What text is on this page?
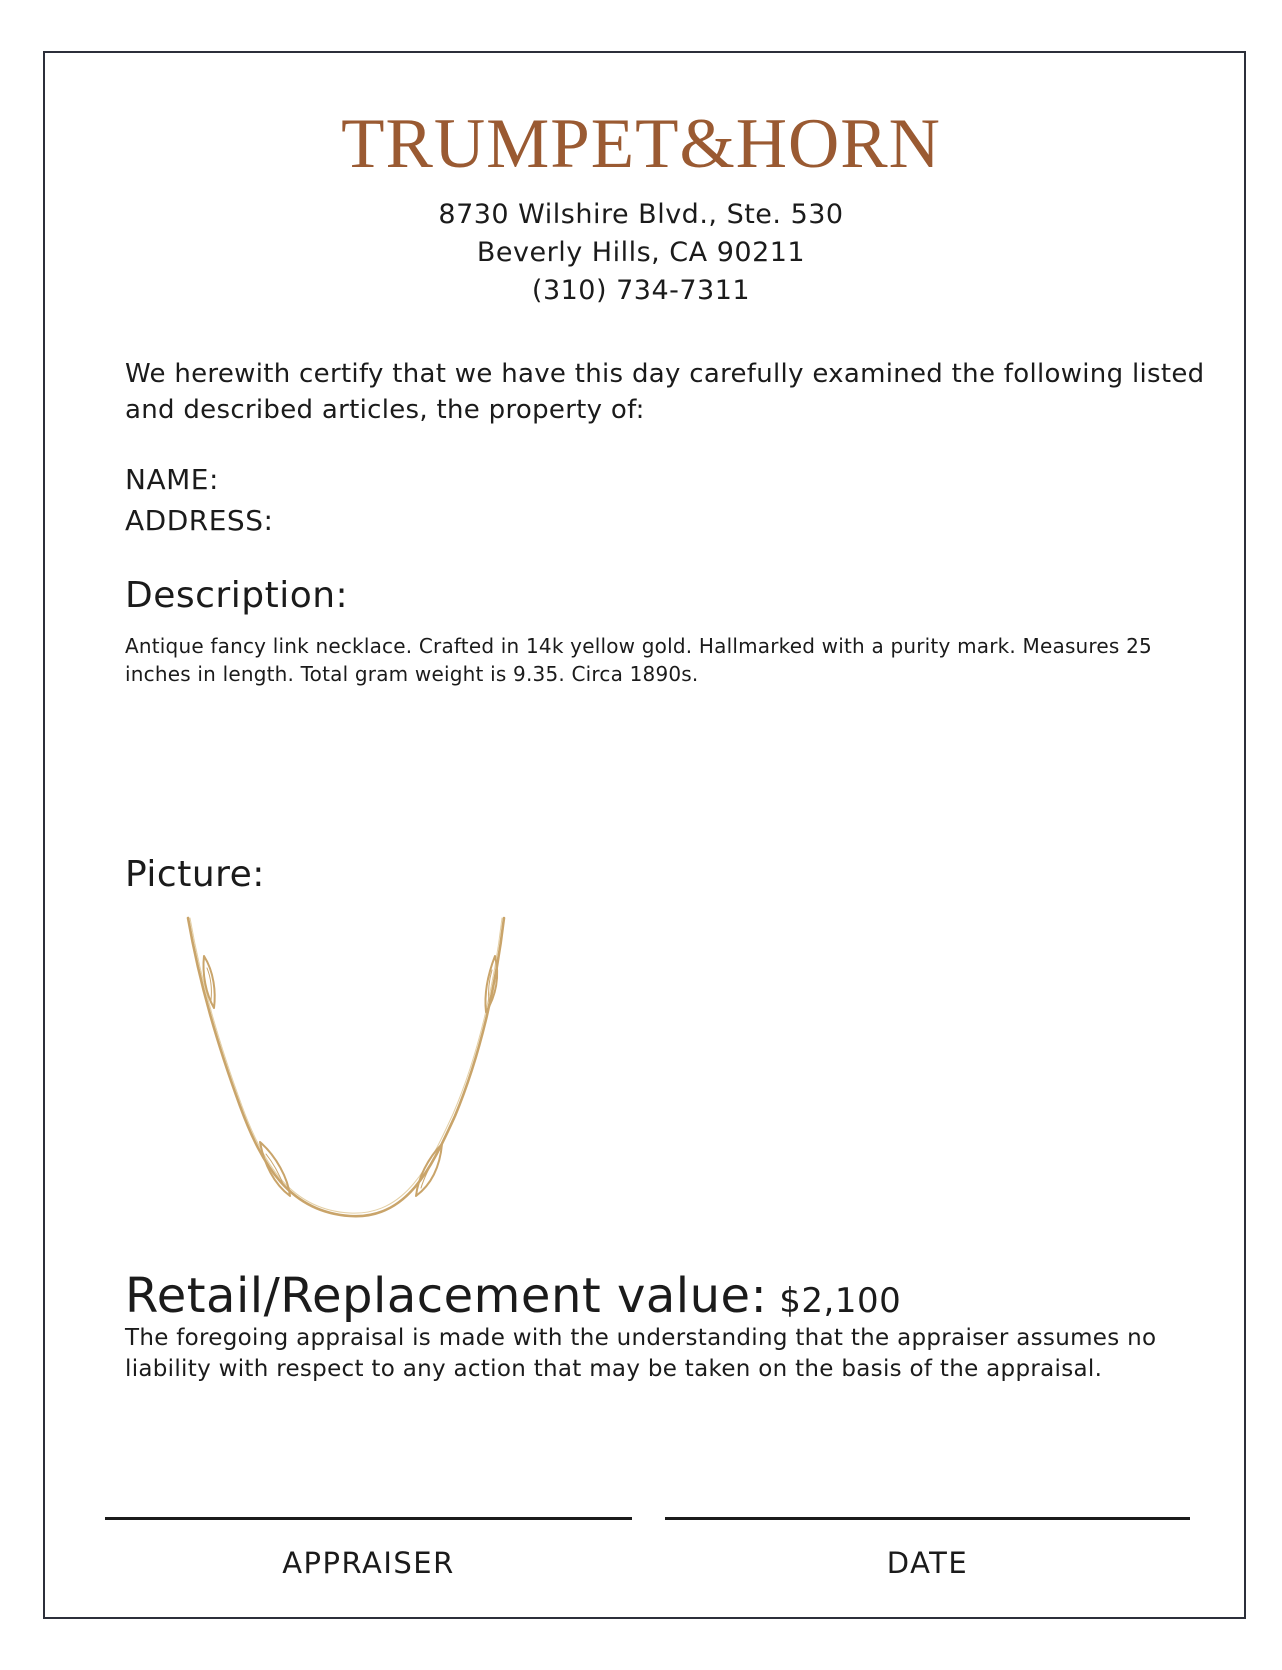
TRUMPET&HORN
8730 Wilshire Blvd., Ste. 530
Beverly Hills, CA 90211
(310) 734-7311
We herewith certify that we have this day carefully examined the following listed and described articles, the property of:
NAME:
ADDRESS:
Description:
Antique fancy link necklace. Crafted in 14k yellow gold. Hallmarked with a purity mark. Measures 25 inches in length. Total gram weight is 9.35. Circa 1890s.
Picture:
Retail/Replacement value: $2,100
The foregoing appraisal is made with the understanding that the appraiser assumes no liability with respect to any action that may be taken on the basis of the appraisal.
APPRAISER	DATE
